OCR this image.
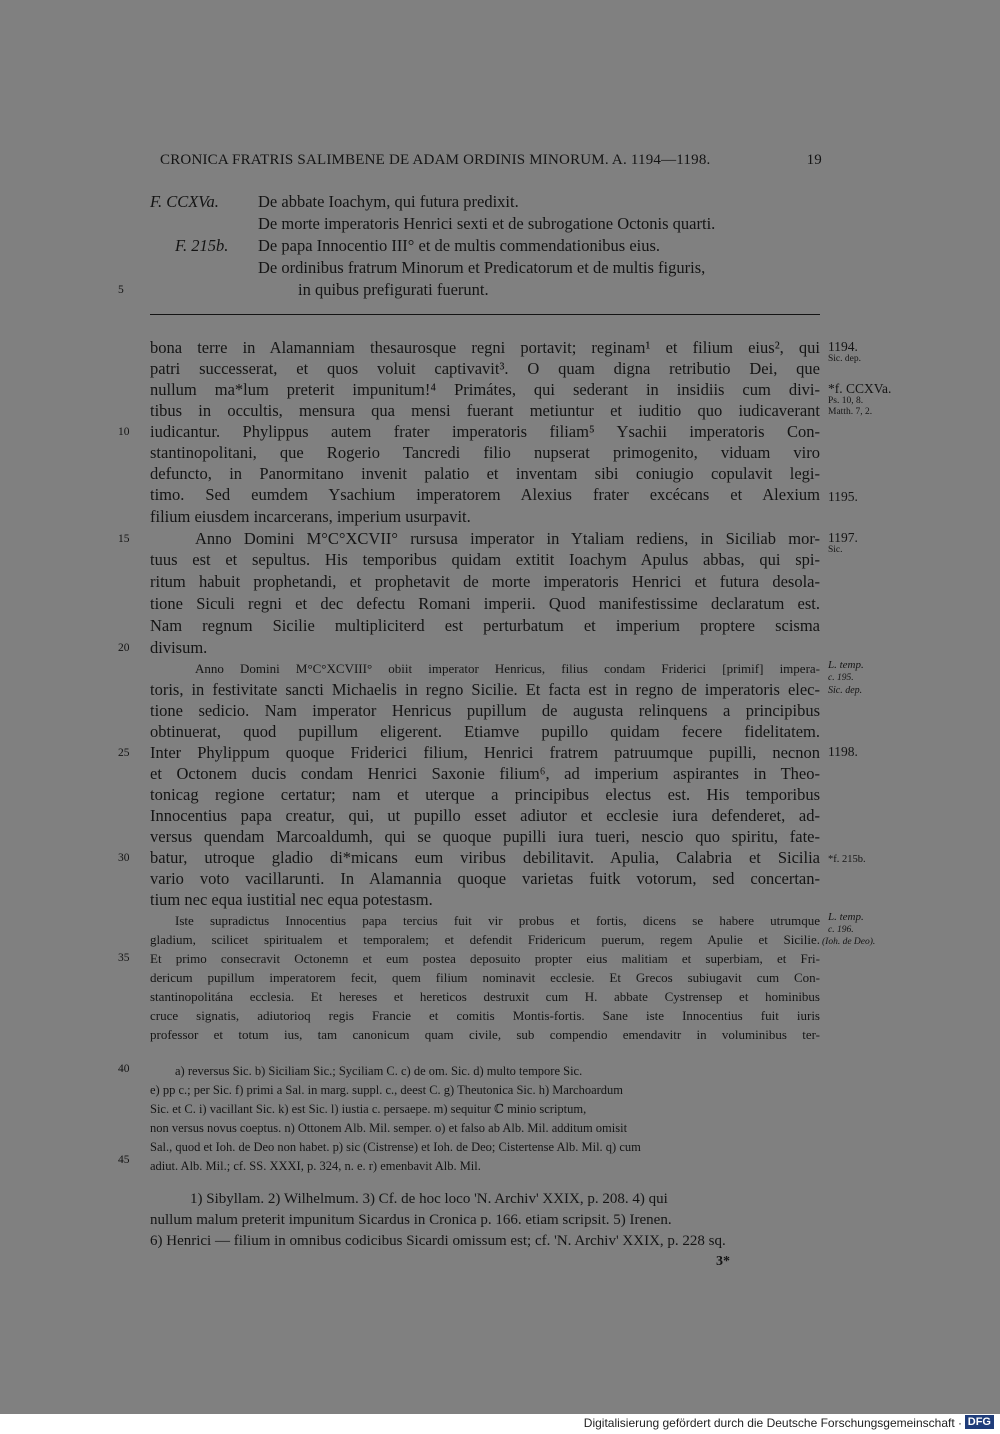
CRONICA FRATRIS SALIMBENE DE ADAM ORDINIS MINORUM. A. 1194—1198.	19
F. CCXVa. De abbate Ioachym, qui futura predixit.
De morte imperatoris Henrici sexti et de subrogatione Octonis quarti.
F. 215b. De papa Innocentio III° et de multis commendationibus eius.
De ordinibus fratrum Minorum et Predicatorum et de multis figuris,
in quibus prefigurati fuerunt.
5
bona terre in Alamanniam thesaurosque regni portavit; reginam¹ et filium eius², qui
patri successerat, et quos voluit captivavit³. O quam digna retributio Dei, que
nullum ma*lum preterit impunitum!⁴ Primátes, qui sederant in insidiis cum divi-
tibus in occultis, mensura qua mensi fuerant metiuntur et iuditio quo iudicaverant
iudicantur. Phylippus autem frater imperatoris filiam⁵ Ysachii imperatoris Con-
stantinopolitani, que Rogerio Tancredi filio nupserat primogenito, viduam viro
defuncto, in Panormitano invenit palatio et inventam sibi coniugio copulavit legi-
timo. Sed eumdem Ysachium imperatorem Alexius frater excécans et Alexium
filium eiusdem incarcerans, imperium usurpavit.
Anno Domini M°C°XCVII° rursusa imperator in Ytaliam rediens, in Siciliab mor-
tuus est et sepultus. His temporibus quidam extitit Ioachym Apulus abbas, qui spi-
ritum habuit prophetandi, et prophetavit de morte imperatoris Henrici et futura desola-
tione Siculi regni et dec defectu Romani imperii. Quod manifestissime declaratum est.
Nam regnum Sicilie multipliciterd est perturbatum et imperium proptere scisma
divisum.
Anno Domini M°C°XCVIII° obiit imperator Henricus, filius condam Friderici [primif] impera-
toris, in festivitate sancti Michaelis in regno Sicilie. Et facta est in regno de imperatoris elec-
tione sedicio. Nam imperator Henricus pupillum de augusta relinquens a principibus
obtinuerat, quod pupillum eligerent. Etiamve pupillo quidam fecere fidelitatem.
Inter Phylippum quoque Friderici filium, Henrici fratrem patruumque pupilli, necnon
et Octonem ducis condam Henrici Saxonie filium⁶, ad imperium aspirantes in Theo-
tonicag regione certatur; nam et uterque a principibus electus est. His temporibus
Innocentius papa creatur, qui, ut pupillo esset adiutor et ecclesie iura defenderet, ad-
versus quendam Marcoaldumh, qui se quoque pupilli iura tueri, nescio quo spiritu, fate-
batur, utroque gladio di*micans eum viribus debilitavit. Apulia, Calabria et Sicilia
vario voto vacillarunti. In Alamannia quoque varietas fuitk votorum, sed concertan-
tium nec equa iustitial nec equa potestasm.
Iste supradictus Innocentius papa tercius fuit vir probus et fortis, dicens se habere utrumque
gladium, scilicet spiritualem et temporalem; et defendit Fridericum puerum, regem Apulie et Sicilie.
Et primo consecravit Octonemn et eum postea deposuito propter eius malitiam et superbiam, et Fri-
dericum pupillum imperatorem fecit, quem filium nominavit ecclesie. Et Grecos subiugavit cum Con-
stantinopolitána ecclesia. Et hereses et hereticos destruxit cum H. abbate Cystrensep et hominibus
cruce signatis, adiutorioq regis Francie et comitis Montis-fortis. Sane iste Innocentius fuit iuris
professor et totum ius, tam canonicum quam civile, sub compendio emendavitr in voluminibus ter-
10
15
20
25
30
35
40
45
1194.
Sic. dep.
*f. CCXVa.
Ps. 10, 8.
Matth. 7, 2.
1195.
1197.
Sic.
L. temp.
c. 195.
Sic. dep.
1198.
*f. 215b.
L. temp.
c. 196.
(Ioh. de Deo).
a) reversus Sic. b) Siciliam Sic.; Syciliam C. c) de om. Sic. d) multo tempore Sic.
e) pp c.; per Sic. f) primi a Sal. in marg. suppl. c., deest C. g) Theutonica Sic. h) Marchoardum
Sic. et C. i) vacillant Sic. k) est Sic. l) iustia c. persaepe. m) sequitur ℂ minio scriptum,
non versus novus coeptus. n) Ottonem Alb. Mil. semper. o) et falso ab Alb. Mil. additum omisit
Sal., quod et Ioh. de Deo non habet. p) sic (Cistrense) et Ioh. de Deo; Cistertense Alb. Mil. q) cum
adiut. Alb. Mil.; cf. SS. XXXI, p. 324, n. e. r) emenbavit Alb. Mil.
1) Sibyllam. 2) Wilhelmum. 3) Cf. de hoc loco 'N. Archiv' XXIX, p. 208. 4) qui
nullum malum preterit impunitum Sicardus in Cronica p. 166. etiam scripsit. 5) Irenen.
6) Henrici — filium in omnibus codicibus Sicardi omissum est; cf. 'N. Archiv' XXIX, p. 228 sq.
3*
Digitalisierung gefördert durch die Deutsche Forschungsgemeinschaft · DFG
